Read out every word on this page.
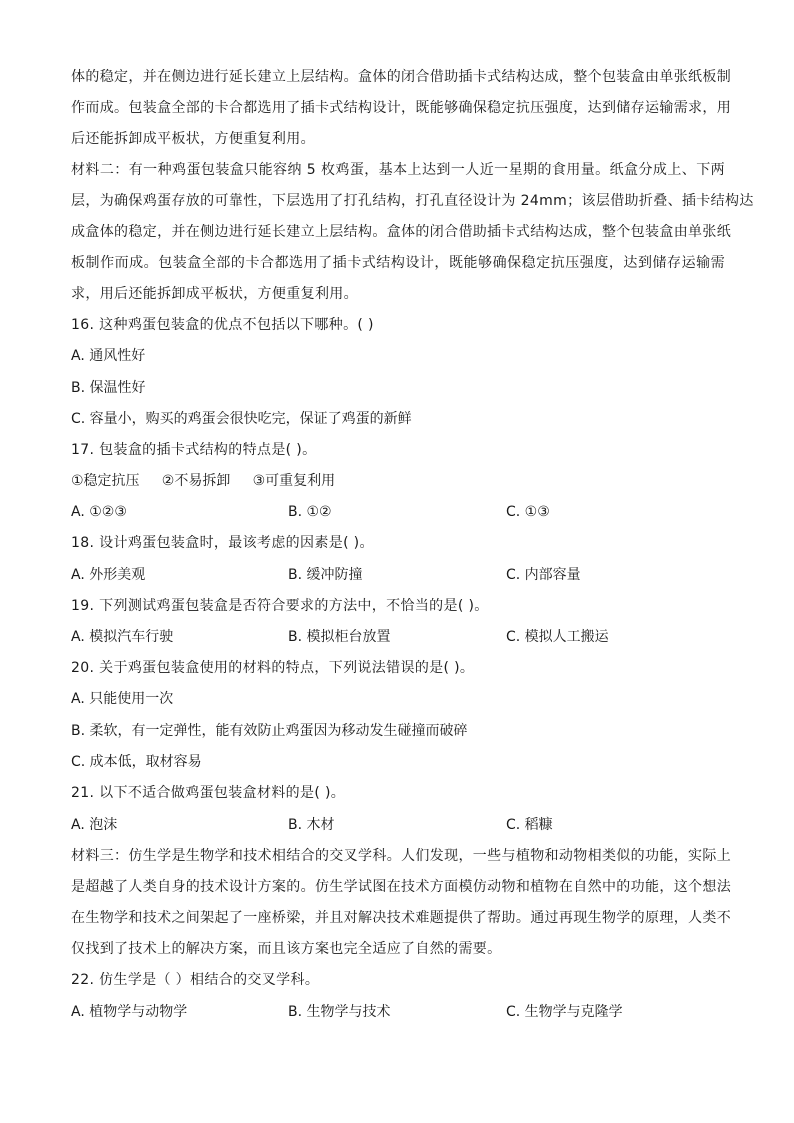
体的稳定，并在侧边进行延长建立上层结构。盒体的闭合借助插卡式结构达成，整个包装盒由单张纸板制
作而成。包装盒全部的卡合都选用了插卡式结构设计，既能够确保稳定抗压强度，达到储存运输需求，用
后还能拆卸成平板状，方便重复利用。
材料二：有一种鸡蛋包装盒只能容纳 5 枚鸡蛋，基本上达到一人近一星期的食用量。纸盒分成上、下两
层，为确保鸡蛋存放的可靠性，下层选用了打孔结构，打孔直径设计为 24mm；该层借助折叠、插卡结构达
成盒体的稳定，并在侧边进行延长建立上层结构。盒体的闭合借助插卡式结构达成，整个包装盒由单张纸
板制作而成。包装盒全部的卡合都选用了插卡式结构设计，既能够确保稳定抗压强度，达到储存运输需
求，用后还能拆卸成平板状，方便重复利用。
16. 这种鸡蛋包装盒的优点不包括以下哪种。( )
A. 通风性好
B. 保温性好
C. 容量小，购买的鸡蛋会很快吃完，保证了鸡蛋的新鲜
17. 包装盒的插卡式结构的特点是( )。
①稳定抗压     ②不易拆卸     ③可重复利用
A. ①②③	B. ①②	C. ①③
18. 设计鸡蛋包装盒时，最该考虑的因素是( )。
A. 外形美观	B. 缓冲防撞	C. 内部容量
19. 下列测试鸡蛋包装盒是否符合要求的方法中，不恰当的是( )。
A. 模拟汽车行驶	B. 模拟柜台放置	C. 模拟人工搬运
20. 关于鸡蛋包装盒使用的材料的特点，下列说法错误的是( )。
A. 只能使用一次
B. 柔软，有一定弹性，能有效防止鸡蛋因为移动发生碰撞而破碎
C. 成本低，取材容易
21. 以下不适合做鸡蛋包装盒材料的是( )。
A. 泡沫	B. 木材	C. 稻糠
材料三：仿生学是生物学和技术相结合的交叉学科。人们发现，一些与植物和动物相类似的功能，实际上
是超越了人类自身的技术设计方案的。仿生学试图在技术方面模仿动物和植物在自然中的功能，这个想法
在生物学和技术之间架起了一座桥梁，并且对解决技术难题提供了帮助。通过再现生物学的原理，人类不
仅找到了技术上的解决方案，而且该方案也完全适应了自然的需要。
22. 仿生学是（ ）相结合的交叉学科。
A. 植物学与动物学	B. 生物学与技术	C. 生物学与克隆学
